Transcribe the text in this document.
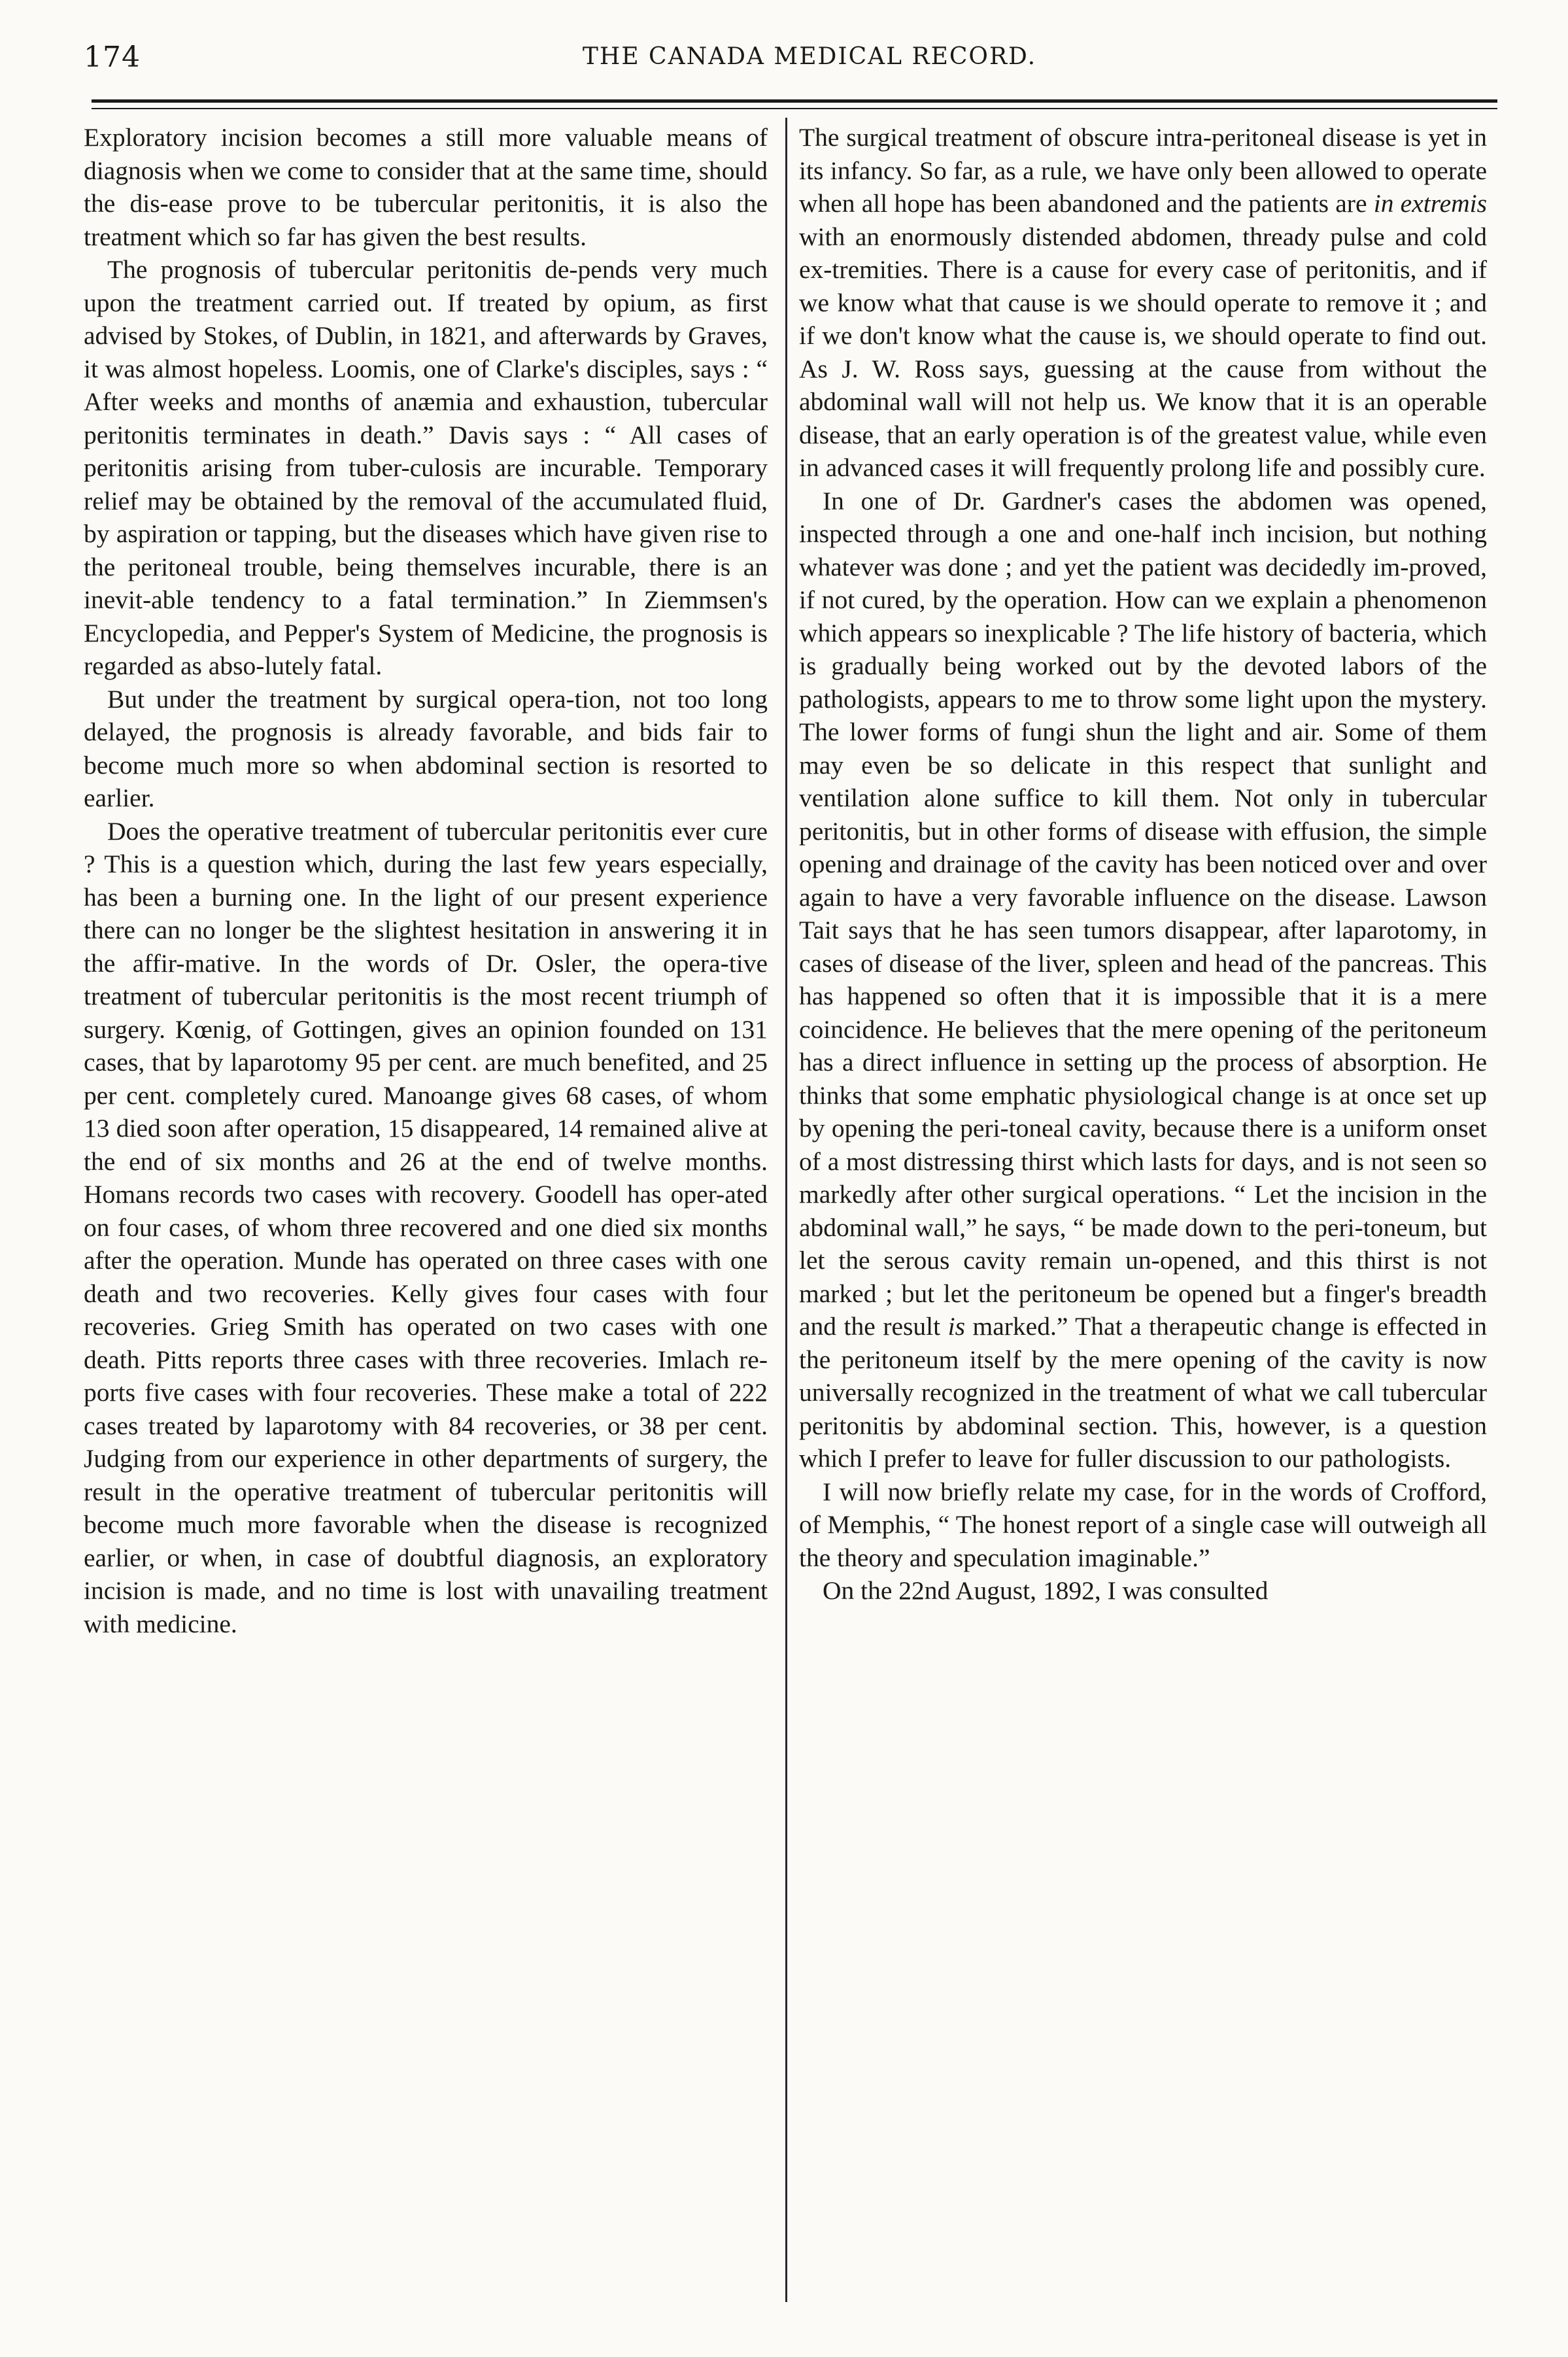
174	THE CANADA MEDICAL RECORD.

Exploratory incision becomes a still more valuable means of diagnosis when we come to consider that at the same time, should the dis-ease prove to be tubercular peritonitis, it is also the treatment which so far has given the best results.

The prognosis of tubercular peritonitis de-pends very much upon the treatment carried out. If treated by opium, as first advised by Stokes, of Dublin, in 1821, and afterwards by Graves, it was almost hopeless. Loomis, one of Clarke's disciples, says : “ After weeks and months of anæmia and exhaustion, tubercular peritonitis terminates in death.” Davis says : “ All cases of peritonitis arising from tuber-culosis are incurable. Temporary relief may be obtained by the removal of the accumulated fluid, by aspiration or tapping, but the diseases which have given rise to the peritoneal trouble, being themselves incurable, there is an inevit-able tendency to a fatal termination.” In Ziemmsen's Encyclopedia, and Pepper's System of Medicine, the prognosis is regarded as abso-lutely fatal.

But under the treatment by surgical opera-tion, not too long delayed, the prognosis is already favorable, and bids fair to become much more so when abdominal section is resorted to earlier.

Does the operative treatment of tubercular peritonitis ever cure ? This is a question which, during the last few years especially, has been a burning one. In the light of our present experience there can no longer be the slightest hesitation in answering it in the affir-mative. In the words of Dr. Osler, the opera-tive treatment of tubercular peritonitis is the most recent triumph of surgery. Kœnig, of Gottingen, gives an opinion founded on 131 cases, that by laparotomy 95 per cent. are much benefited, and 25 per cent. completely cured. Manoange gives 68 cases, of whom 13 died soon after operation, 15 disappeared, 14 remained alive at the end of six months and 26 at the end of twelve months. Homans records two cases with recovery. Goodell has oper-ated on four cases, of whom three recovered and one died six months after the operation. Munde has operated on three cases with one death and two recoveries. Kelly gives four cases with four recoveries. Grieg Smith has operated on two cases with one death. Pitts reports three cases with three recoveries. Imlach re-ports five cases with four recoveries. These make a total of 222 cases treated by laparotomy with 84 recoveries, or 38 per cent. Judging from our experience in other departments of surgery, the result in the operative treatment of tubercular peritonitis will become much more favorable when the disease is recognized earlier, or when, in case of doubtful diagnosis, an exploratory incision is made, and no time is lost with unavailing treatment with medicine.

The surgical treatment of obscure intra-peritoneal disease is yet in its infancy. So far, as a rule, we have only been allowed to operate when all hope has been abandoned and the patients are in extremis with an enormously distended abdomen, thready pulse and cold ex-tremities. There is a cause for every case of peritonitis, and if we know what that cause is we should operate to remove it ; and if we don't know what the cause is, we should operate to find out. As J. W. Ross says, guessing at the cause from without the abdominal wall will not help us. We know that it is an operable disease, that an early operation is of the greatest value, while even in advanced cases it will frequently prolong life and possibly cure.

In one of Dr. Gardner's cases the abdomen was opened, inspected through a one and one-half inch incision, but nothing whatever was done ; and yet the patient was decidedly im-proved, if not cured, by the operation. How can we explain a phenomenon which appears so inexplicable ? The life history of bacteria, which is gradually being worked out by the devoted labors of the pathologists, appears to me to throw some light upon the mystery. The lower forms of fungi shun the light and air. Some of them may even be so delicate in this respect that sunlight and ventilation alone suffice to kill them. Not only in tubercular peritonitis, but in other forms of disease with effusion, the simple opening and drainage of the cavity has been noticed over and over again to have a very favorable influence on the disease. Lawson Tait says that he has seen tumors disappear, after laparotomy, in cases of disease of the liver, spleen and head of the pancreas. This has happened so often that it is impossible that it is a mere coincidence. He believes that the mere opening of the peritoneum has a direct influence in setting up the process of absorption. He thinks that some emphatic physiological change is at once set up by opening the peri-toneal cavity, because there is a uniform onset of a most distressing thirst which lasts for days, and is not seen so markedly after other surgical operations. “ Let the incision in the abdominal wall,” he says, “ be made down to the peri-toneum, but let the serous cavity remain un-opened, and this thirst is not marked ; but let the peritoneum be opened but a finger's breadth and the result is marked.” That a therapeutic change is effected in the peritoneum itself by the mere opening of the cavity is now universally recognized in the treatment of what we call tubercular peritonitis by abdominal section. This, however, is a question which I prefer to leave for fuller discussion to our pathologists.

I will now briefly relate my case, for in the words of Crofford, of Memphis, “ The honest report of a single case will outweigh all the theory and speculation imaginable.”

On the 22nd August, 1892, I was consulted
